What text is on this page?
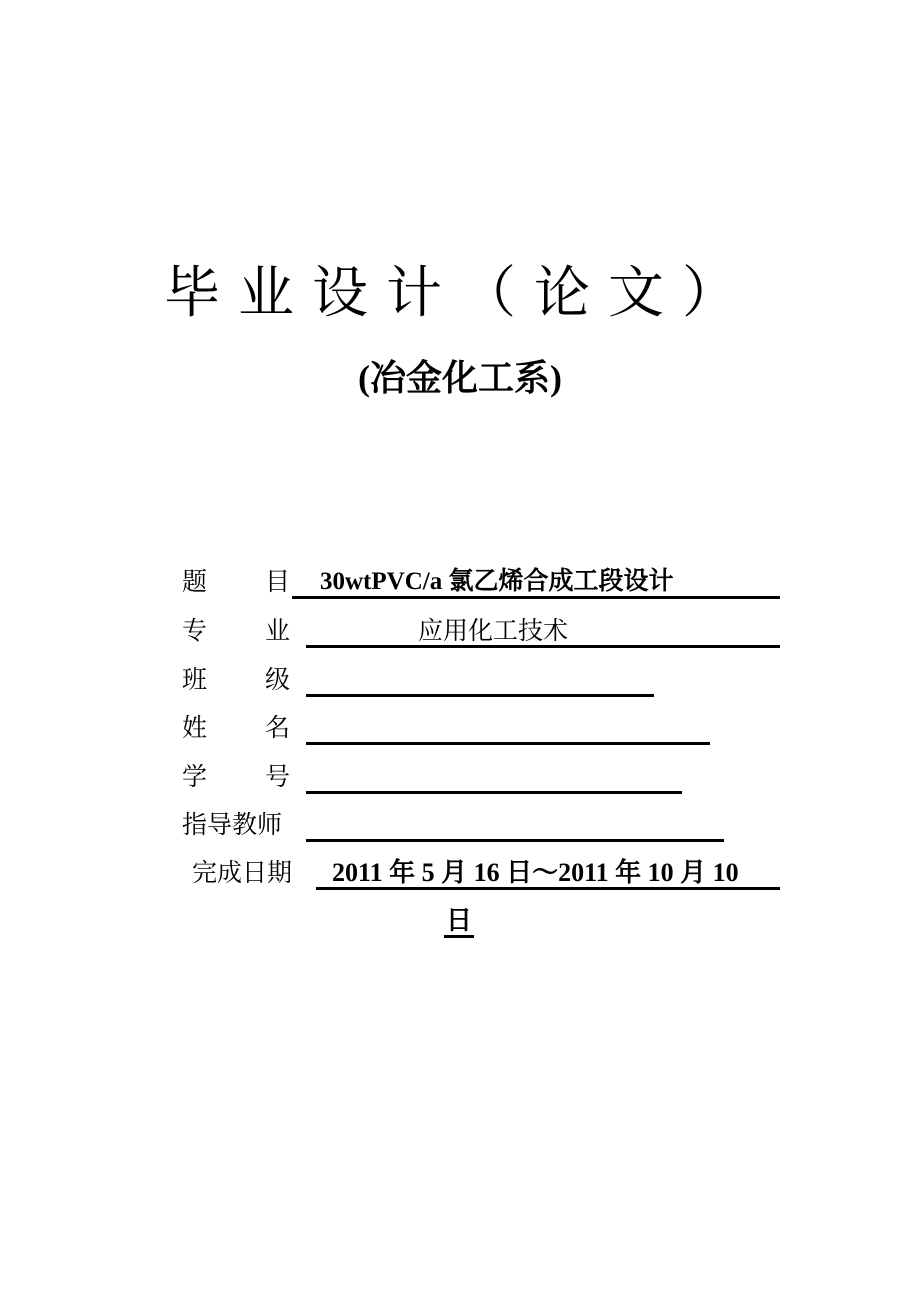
毕业设计（论文）
(冶金化工系)
题目
30wtPVC/a 氯乙烯合成工段设计
专业	应用化工技术
班级
姓名
学号
指导教师
完成日期 2011 年 5 月 16 日～2011 年 10 月 10
日
